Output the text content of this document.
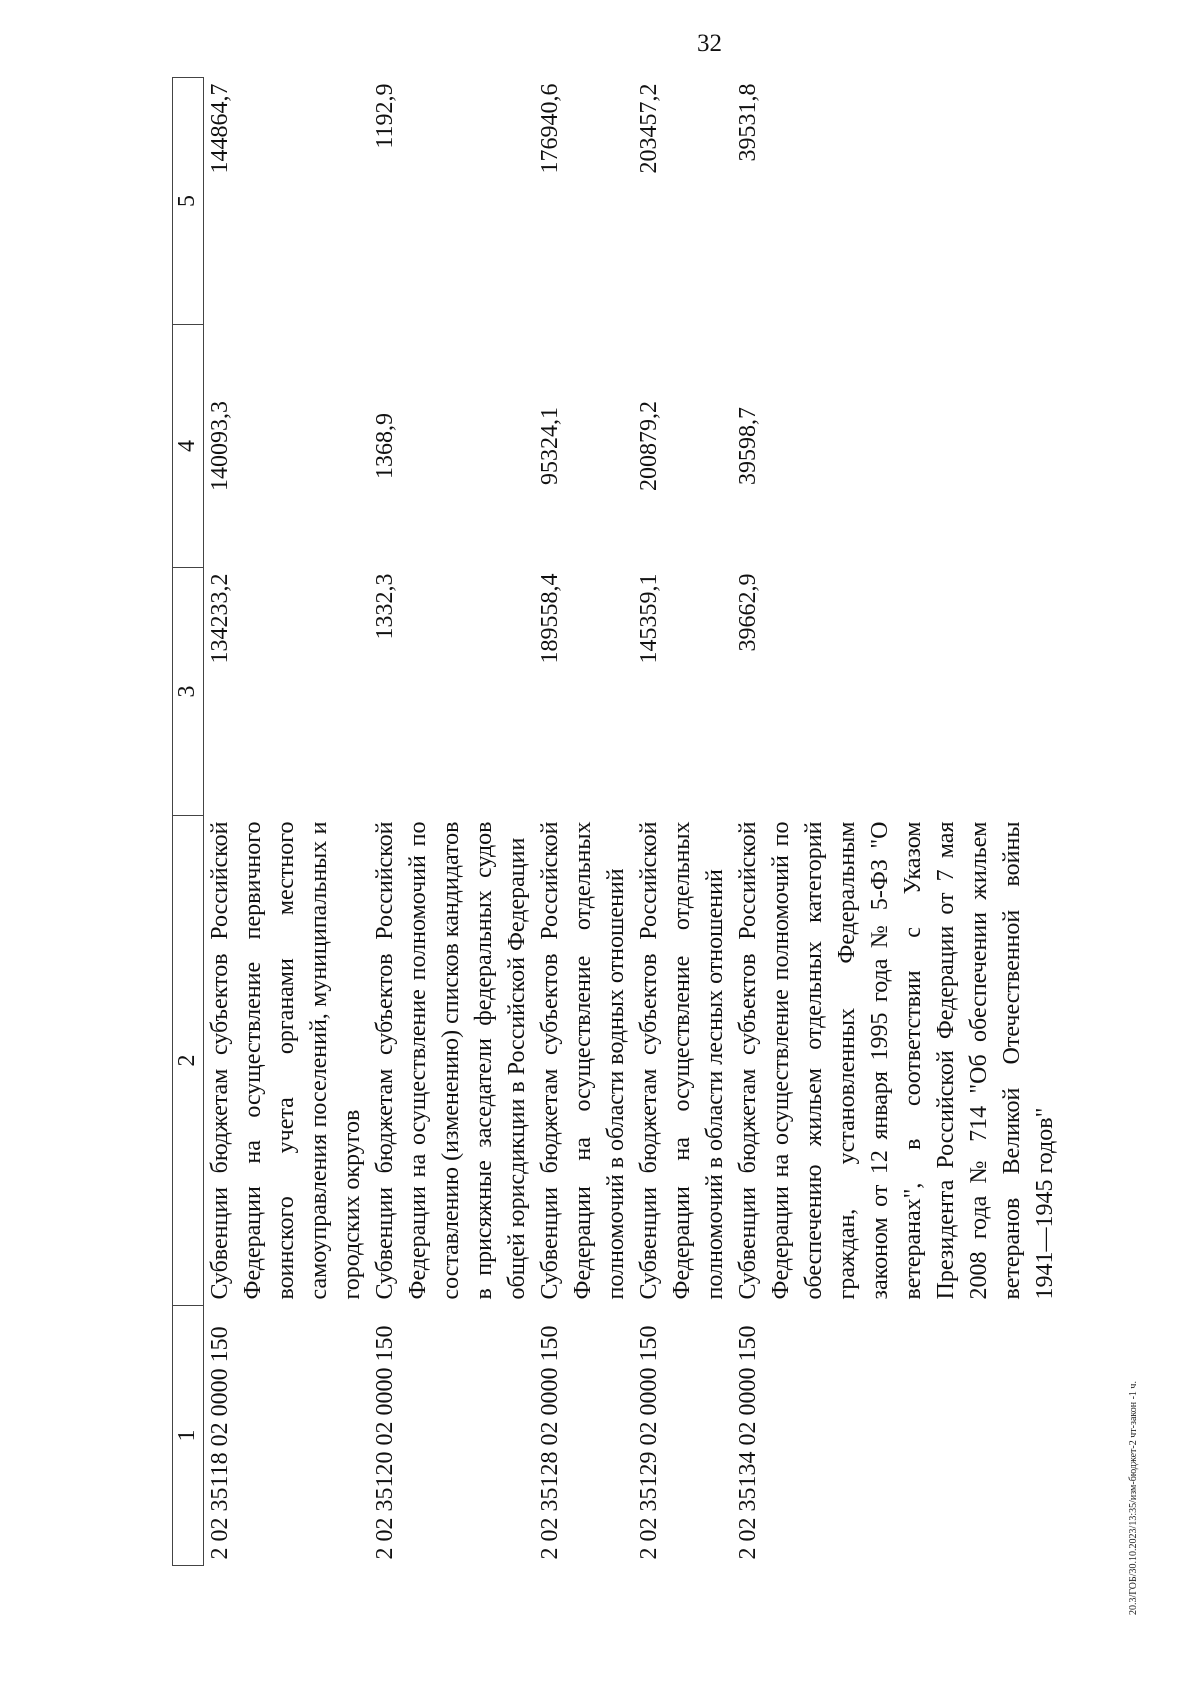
32
1	2	3	4	5
2 02 35118 02 0000 150	Субвенции бюджетам субъектов Российской Федерации на осуществление первичного воинского учета органами местного самоуправления поселений, муниципальных и городских округов	134233,2	140093,3	144864,7
2 02 35120 02 0000 150	Субвенции бюджетам субъектов Российской Федерации на осуществление полномочий по составлению (изменению) списков кандидатов в присяжные заседатели федеральных судов общей юрисдикции в Российской Федерации	1332,3	1368,9	1192,9
2 02 35128 02 0000 150	Субвенции бюджетам субъектов Российской Федерации на осуществление отдельных полномочий в области водных отношений	189558,4	95324,1	176940,6
2 02 35129 02 0000 150	Субвенции бюджетам субъектов Российской Федерации на осуществление отдельных полномочий в области лесных отношений	145359,1	200879,2	203457,2
2 02 35134 02 0000 150	Субвенции бюджетам субъектов Российской Федерации на осуществление полномочий по обеспечению жильем отдельных категорий граждан, установленных Федеральным законом от 12 января 1995 года № 5-ФЗ "О ветеранах", в соответствии с Указом Президента Российской Федерации от 7 мая 2008 года № 714 "Об обеспечении жильем ветеранов Великой Отечественной войны 1941—1945 годов"	39662,9	39598,7	39531,8
20.3/ГОБ/30.10.2023/13:35/изм-бюджет-2 чт-закон -1 ч.
